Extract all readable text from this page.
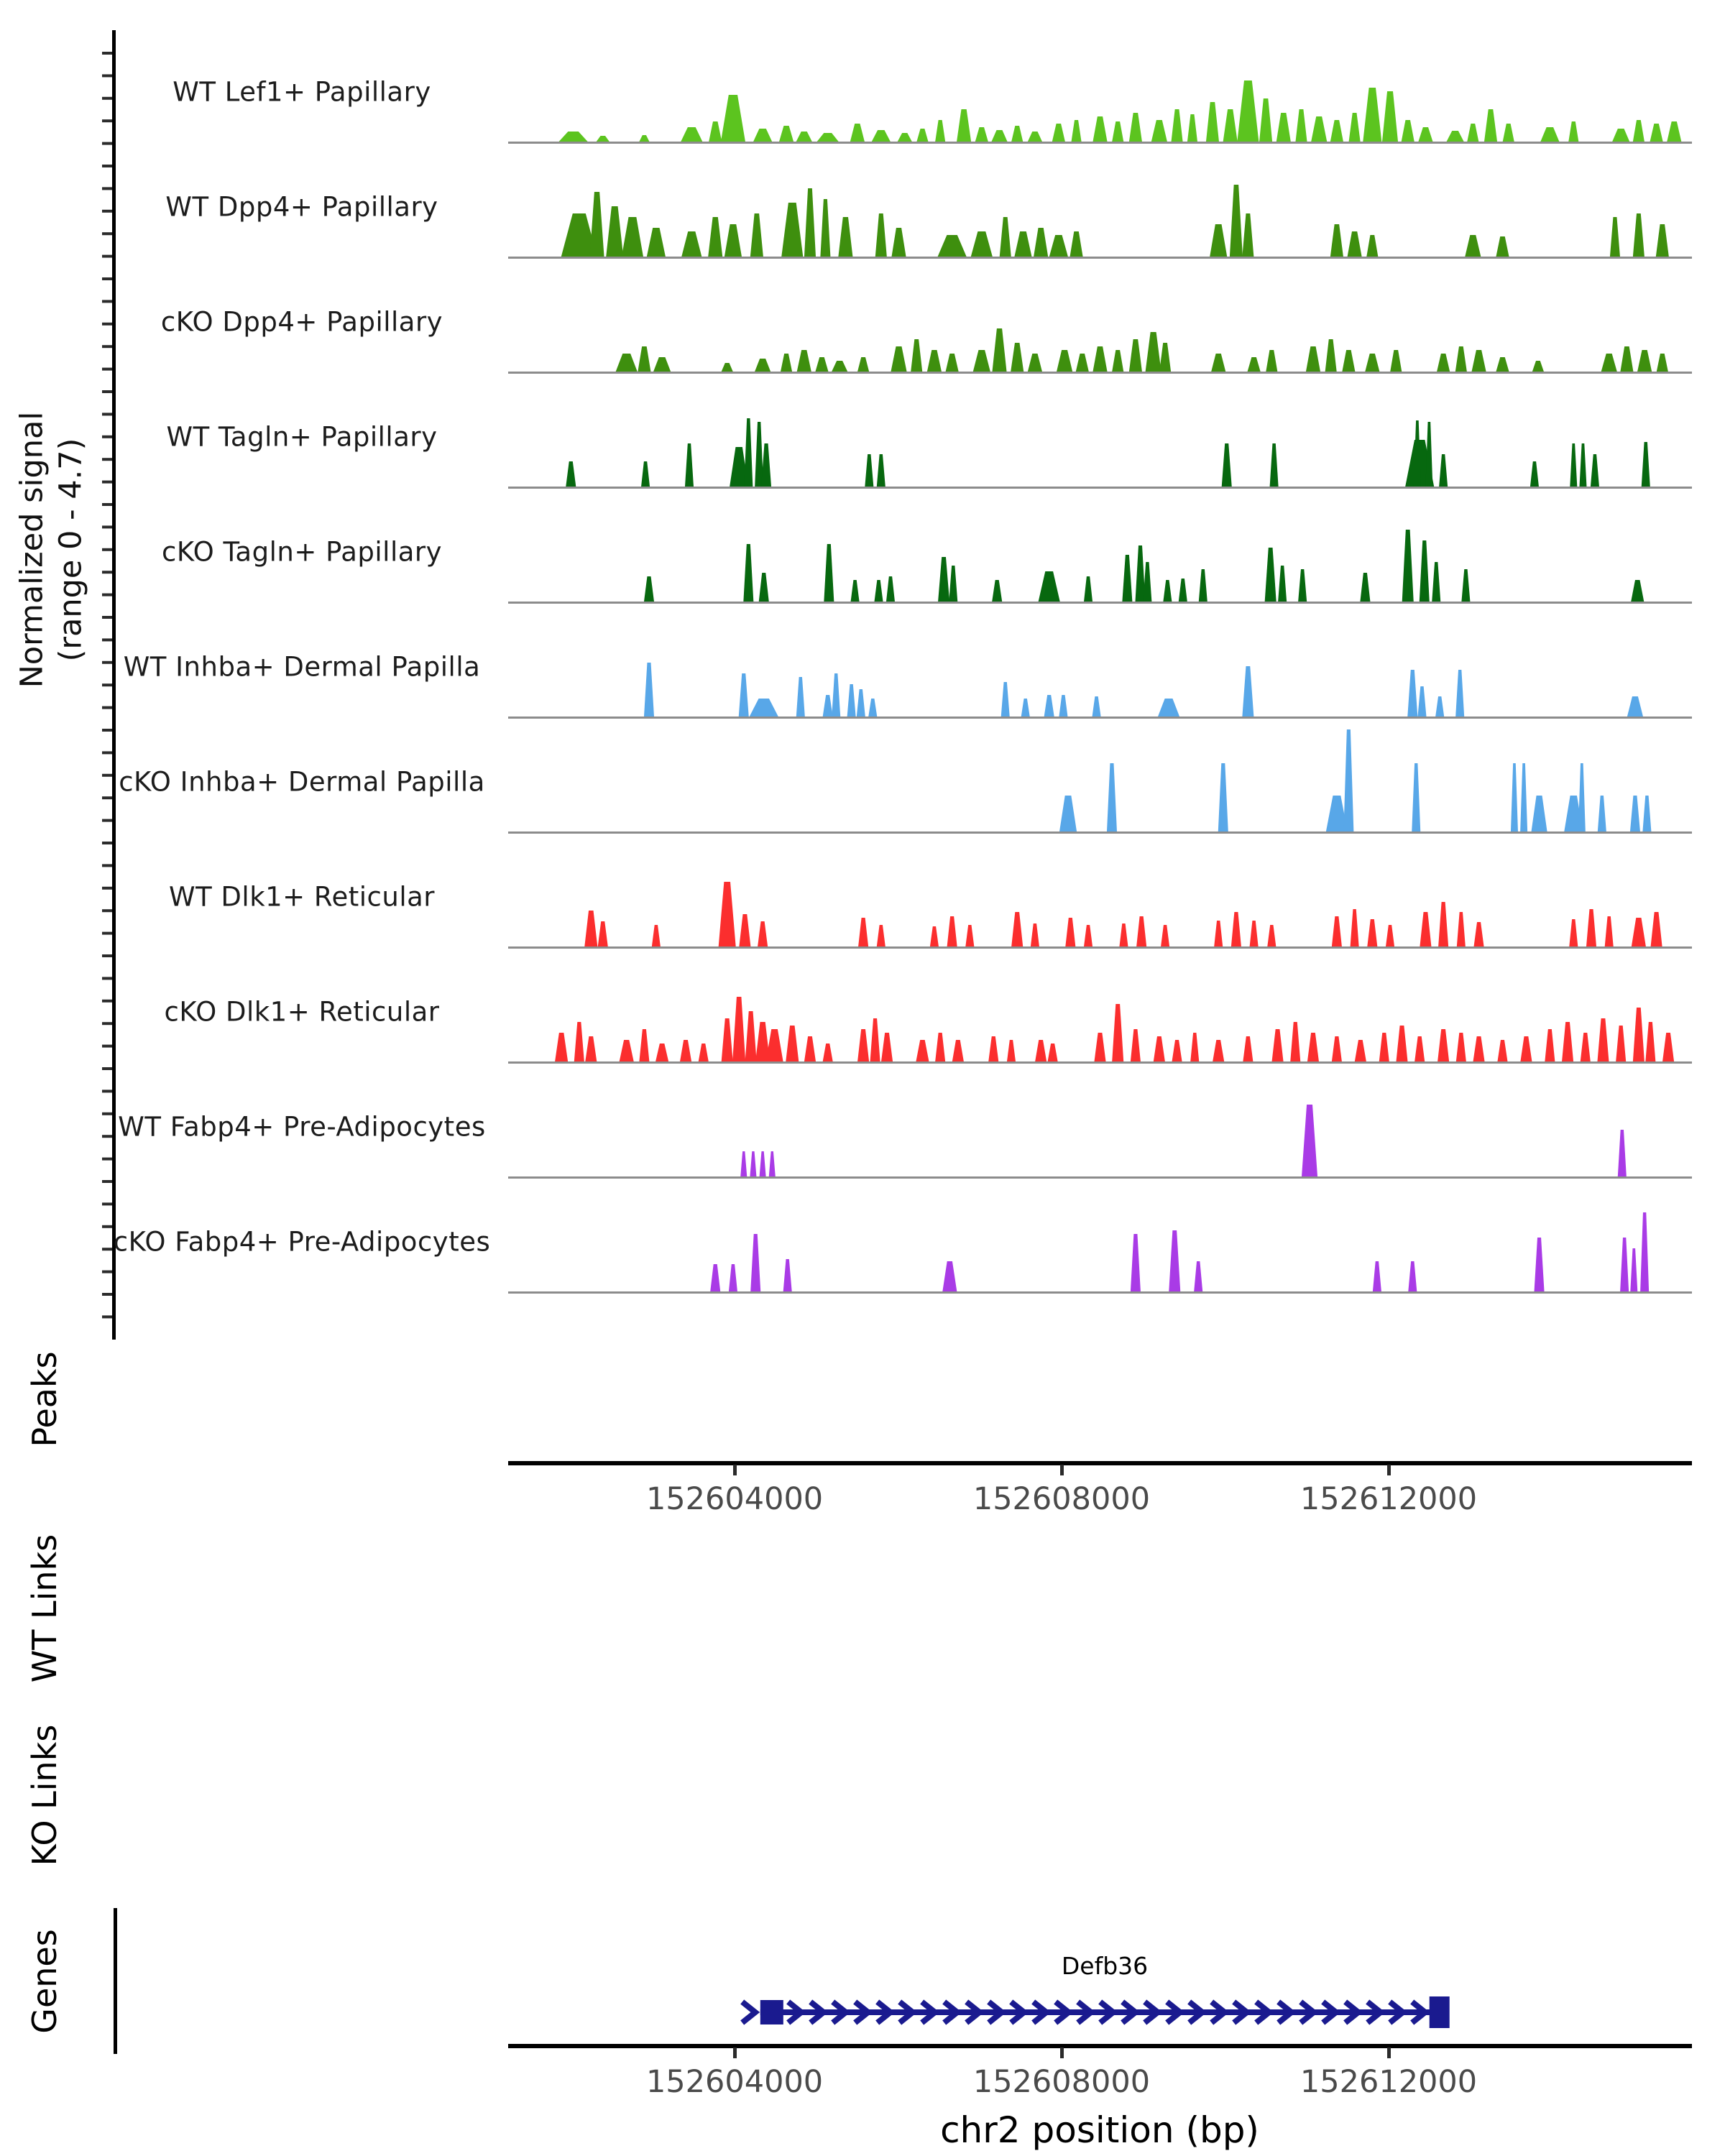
Normalized signal (range 0 - 4.7)
WT Lef1+ Papillary
WT Dpp4+ Papillary
cKO Dpp4+ Papillary
WT Tagln+ Papillary
cKO Tagln+ Papillary
WT Inhba+ Dermal Papilla
cKO Inhba+ Dermal Papilla
WT Dlk1+ Reticular
cKO Dlk1+ Reticular
WT Fabp4+ Pre-Adipocytes
cKO Fabp4+ Pre-Adipocytes
Peaks
152604000	152608000	152612000
WT Links
KO Links
Genes	Defb36
152604000	152608000	152612000
chr2 position (bp)
